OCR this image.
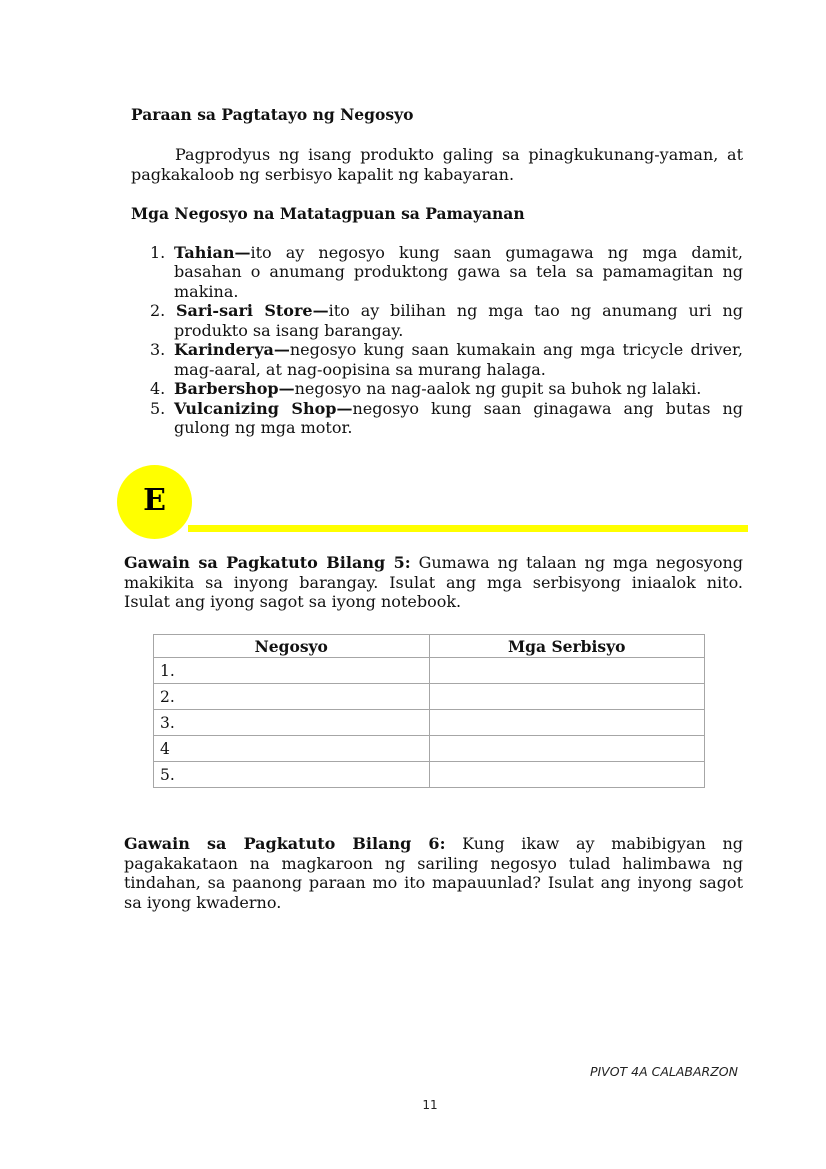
Paraan sa Pagtatayo ng Negosyo
Pagprodyus ng isang produkto galing sa pinagkukunang-yaman, at
pagkakaloob ng serbisyo kapalit ng kabayaran.
Mga Negosyo na Matatagpuan sa Pamayanan
1. Tahian—ito ay negosyo kung saan gumagawa ng mga damit,
basahan o anumang produktong gawa sa tela sa pamamagitan ng
makina.
2. Sari-sari Store—ito ay bilihan ng mga tao ng anumang uri ng
produkto sa isang barangay.
3. Karinderya—negosyo kung saan kumakain ang mga tricycle driver,
mag-aaral, at nag-oopisina sa murang halaga.
4. Barbershop—negosyo na nag-aalok ng gupit sa buhok ng lalaki.
5. Vulcanizing Shop—negosyo kung saan ginagawa ang butas ng
gulong ng mga motor.
E
Gawain sa Pagkatuto Bilang 5: Gumawa ng talaan ng mga negosyong
makikita sa inyong barangay. Isulat ang mga serbisyong iniaalok nito.
Isulat ang iyong sagot sa iyong notebook.
Negosyo	Mga Serbisyo
1.	
2.	
3.	
4	
5.	
Gawain sa Pagkatuto Bilang 6: Kung ikaw ay mabibigyan ng
pagakakataon na magkaroon ng sariling negosyo tulad halimbawa ng
tindahan, sa paanong paraan mo ito mapauunlad? Isulat ang inyong sagot
sa iyong kwaderno.
PIVOT 4A CALABARZON
11
